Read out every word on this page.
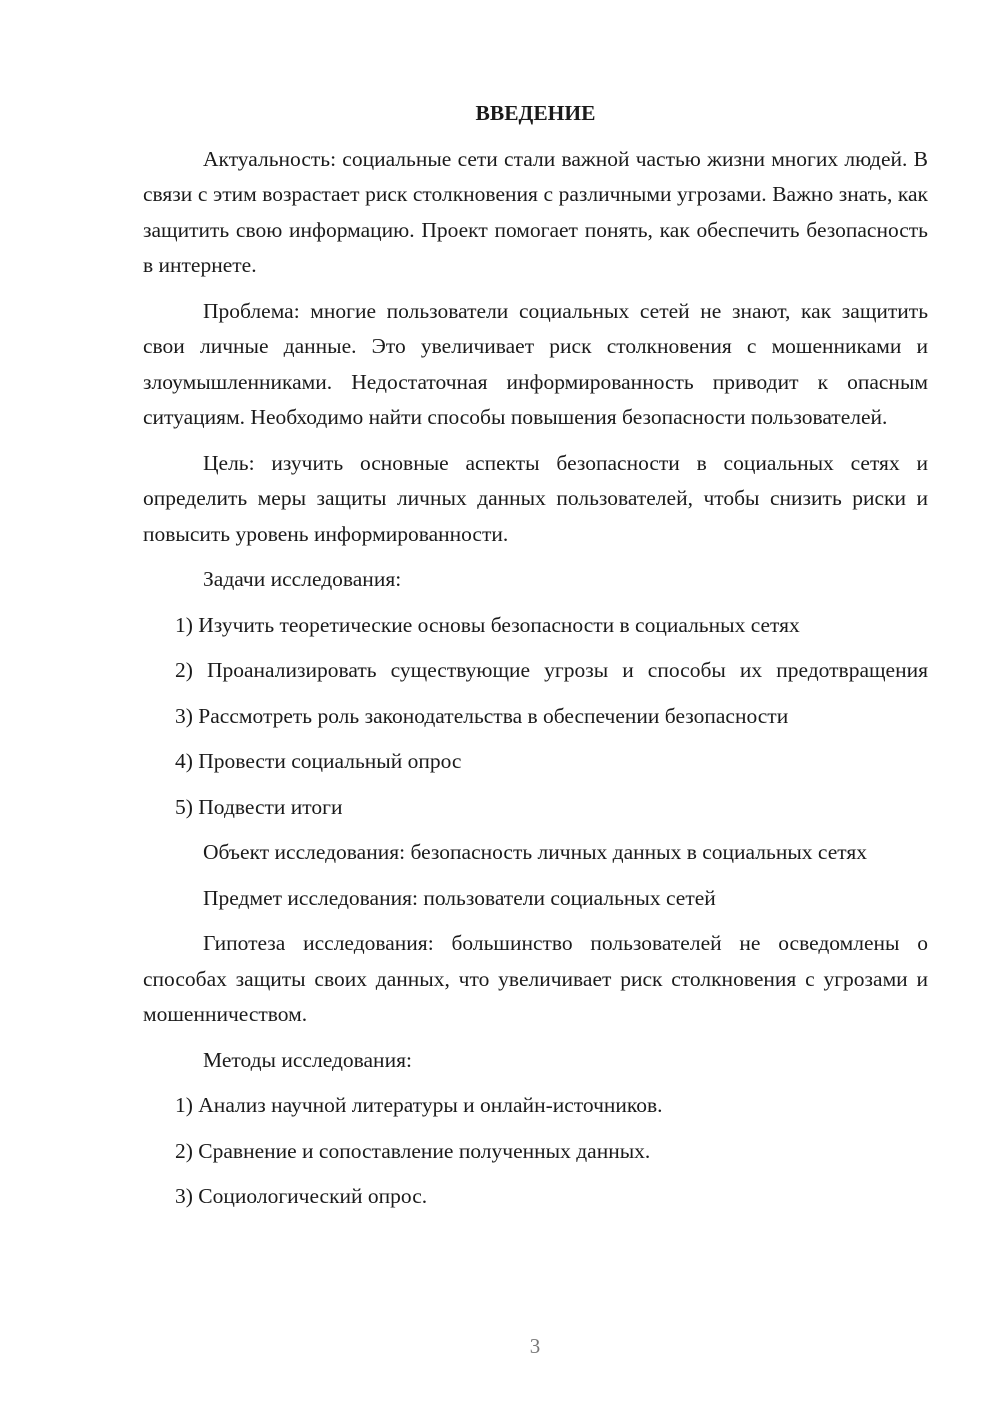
ВВЕДЕНИЕ
Актуальность: социальные сети стали важной частью жизни многих людей. В связи с этим возрастает риск столкновения с различными угрозами. Важно знать, как защитить свою информацию. Проект помогает понять, как обеспечить безопасность в интернете.
Проблема: многие пользователи социальных сетей не знают, как защитить свои личные данные. Это увеличивает риск столкновения с мошенниками и злоумышленниками. Недостаточная информированность приводит к опасным ситуациям. Необходимо найти способы повышения безопасности пользователей.
Цель: изучить основные аспекты безопасности в социальных сетях и определить меры защиты личных данных пользователей, чтобы снизить риски и повысить уровень информированности.
Задачи исследования:
1) Изучить теоретические основы безопасности в социальных сетях
2) Проанализировать существующие угрозы и способы их предотвращения
3) Рассмотреть роль законодательства в обеспечении безопасности
4) Провести социальный опрос
5) Подвести итоги
Объект исследования: безопасность личных данных в социальных сетях
Предмет исследования: пользователи социальных сетей
Гипотеза исследования: большинство пользователей не осведомлены о способах защиты своих данных, что увеличивает риск столкновения с угрозами и мошенничеством.
Методы исследования:
1) Анализ научной литературы и онлайн-источников.
2) Сравнение и сопоставление полученных данных.
3) Социологический опрос.
3
